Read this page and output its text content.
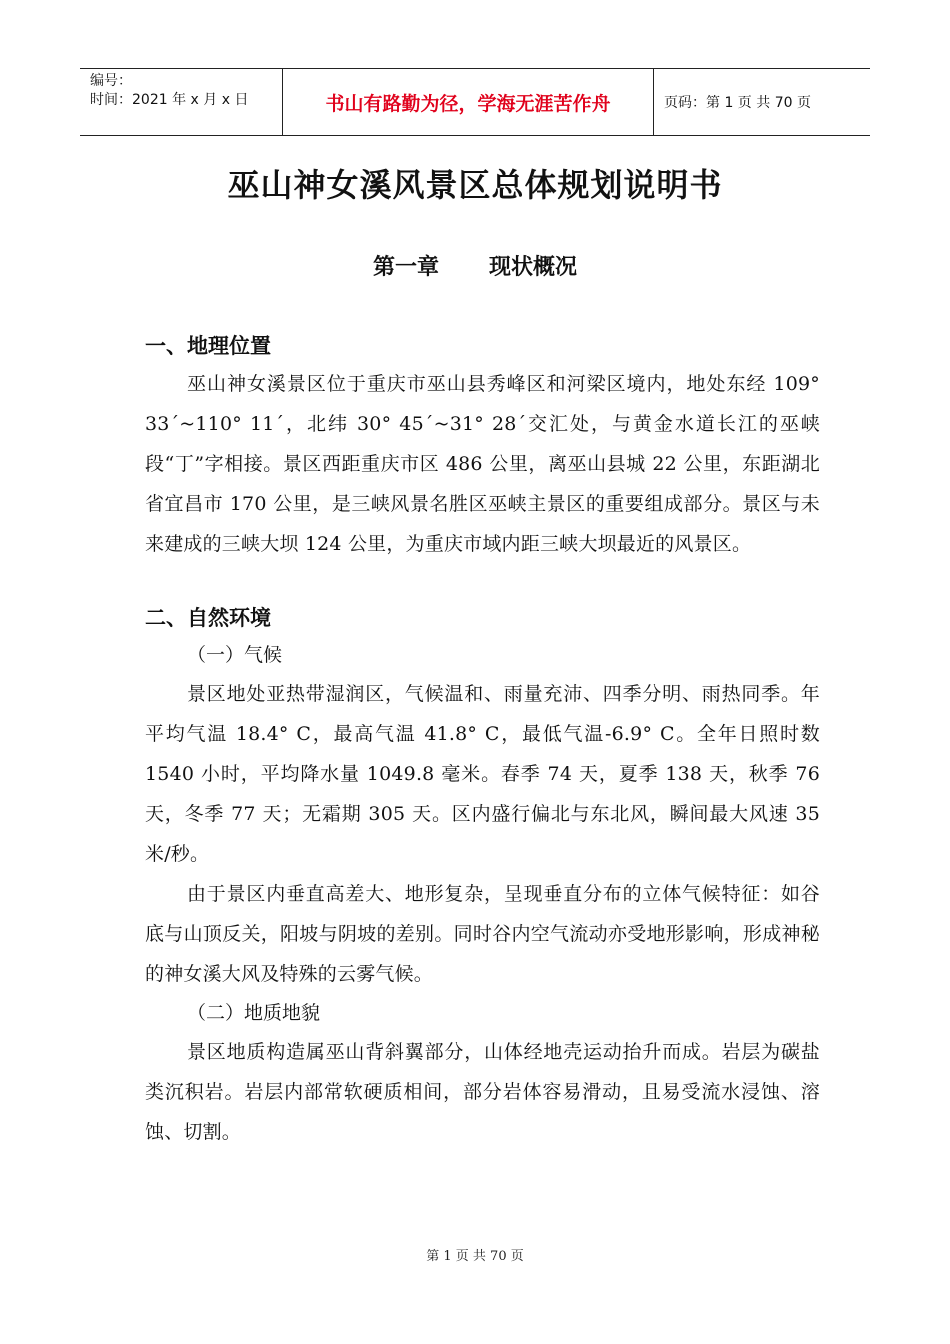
编号：
时间：2021 年 x 月 x 日	书山有路勤为径，学海无涯苦作舟	页码：第 1 页 共 70 页
巫山神女溪风景区总体规划说明书
第一章 现状概况
一、地理位置

巫山神女溪景区位于重庆市巫山县秀峰区和河梁区境内，地处东经 109° 33´~110° 11´，北纬 30° 45´~31° 28´交汇处，与黄金水道长江的巫峡段“丁”字相接。景区西距重庆市区 486 公里，离巫山县城 22 公里，东距湖北省宜昌市 170 公里，是三峡风景名胜区巫峡主景区的重要组成部分。景区与未来建成的三峡大坝 124 公里，为重庆市域内距三峡大坝最近的风景区。

二、自然环境
（一）气候

景区地处亚热带湿润区，气候温和、雨量充沛、四季分明、雨热同季。年平均气温 18.4° C，最高气温 41.8° C，最低气温-6.9° C。全年日照时数 1540 小时，平均降水量 1049.8 毫米。春季 74 天，夏季 138 天，秋季 76 天，冬季 77 天；无霜期 305 天。区内盛行偏北与东北风，瞬间最大风速 35 米/秒。

由于景区内垂直高差大、地形复杂，呈现垂直分布的立体气候特征：如谷底与山顶反关，阳坡与阴坡的差别。同时谷内空气流动亦受地形影响，形成神秘的神女溪大风及特殊的云雾气候。

（二）地质地貌

景区地质构造属巫山背斜翼部分，山体经地壳运动抬升而成。岩层为碳盐类沉积岩。岩层内部常软硬质相间，部分岩体容易滑动，且易受流水浸蚀、溶蚀、切割。

第 1 页 共 70 页
